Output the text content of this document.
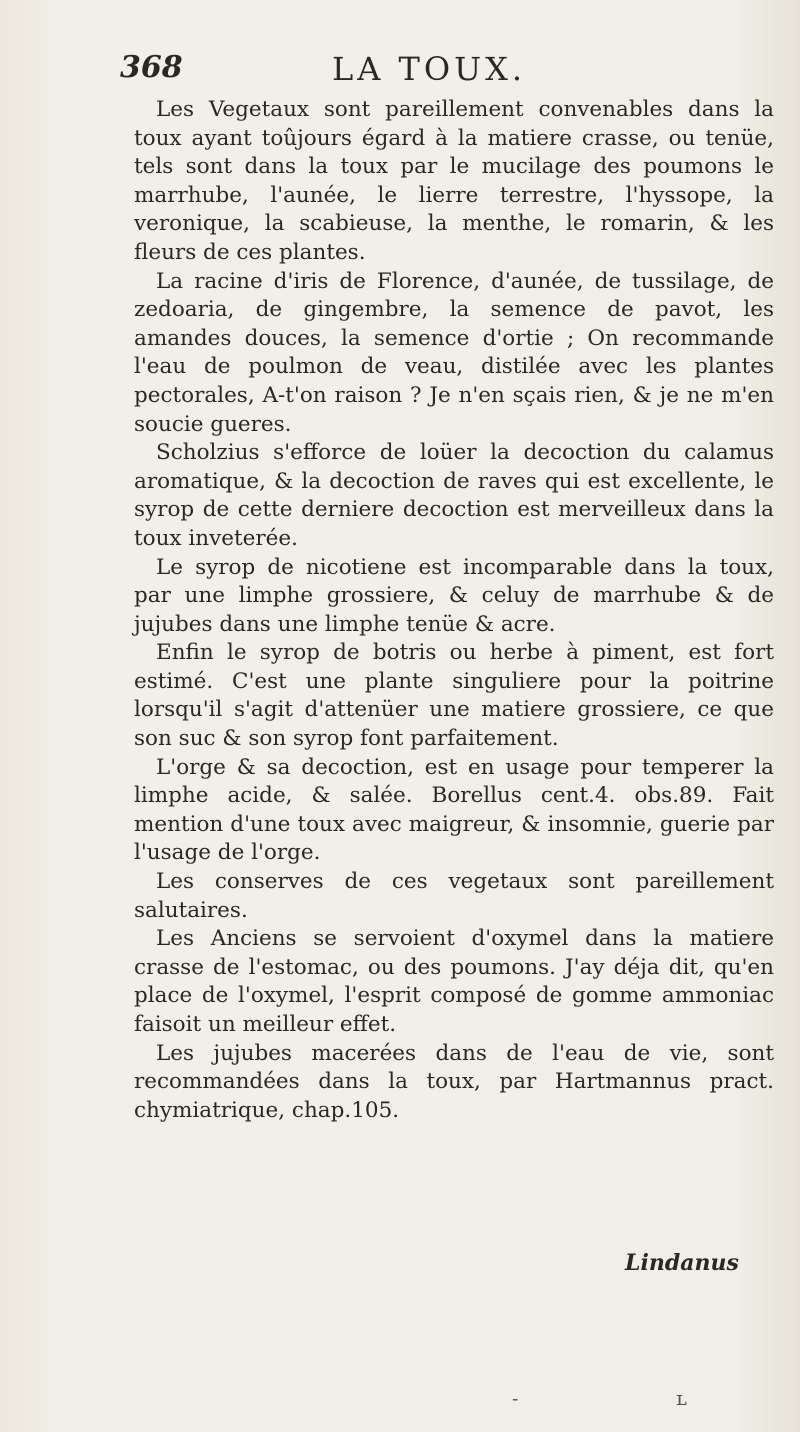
368	LA TOUX.

Les Vegetaux sont pareillement convenables dans la toux ayant toûjours égard à la matiere crasse, ou tenüe, tels sont dans la toux par le mucilage des poumons le marrhube, l'aunée, le lierre terrestre, l'hyssope, la veronique, la scabieuse, la menthe, le romarin, & les fleurs de ces plantes.

La racine d'iris de Florence, d'aunée, de tussilage, de zedoaria, de gingembre, la semence de pavot, les amandes douces, la semence d'ortie ; On recommande l'eau de poulmon de veau, distilée avec les plantes pectorales, A-t'on raison ? Je n'en sçais rien, & je ne m'en soucie gueres.

Scholzius s'efforce de loüer la decoction du calamus aromatique, & la decoction de raves qui est excellente, le syrop de cette derniere decoction est merveilleux dans la toux inveterée.

Le syrop de nicotiene est incomparable dans la toux, par une limphe grossiere, & celuy de marrhube & de jujubes dans une limphe tenüe & acre.

Enfin le syrop de botris ou herbe à piment, est fort estimé. C'est une plante singuliere pour la poitrine lorsqu'il s'agit d'attenüer une matiere grossiere, ce que son suc & son syrop font parfaitement.

L'orge & sa decoction, est en usage pour temperer la limphe acide, & salée. Borellus cent.4. obs.89. Fait mention d'une toux avec maigreur, & insomnie, guerie par l'usage de l'orge.

Les conserves de ces vegetaux sont pareillement salutaires.

Les Anciens se servoient d'oxymel dans la matiere crasse de l'estomac, ou des poumons. J'ay déja dit, qu'en place de l'oxymel, l'esprit composé de gomme ammoniac faisoit un meilleur effet.

Les jujubes macerées dans de l'eau de vie, sont recommandées dans la toux, par Hartmannus pract. chymiatrique, chap.105.

Lindanus
˗	ʟ
